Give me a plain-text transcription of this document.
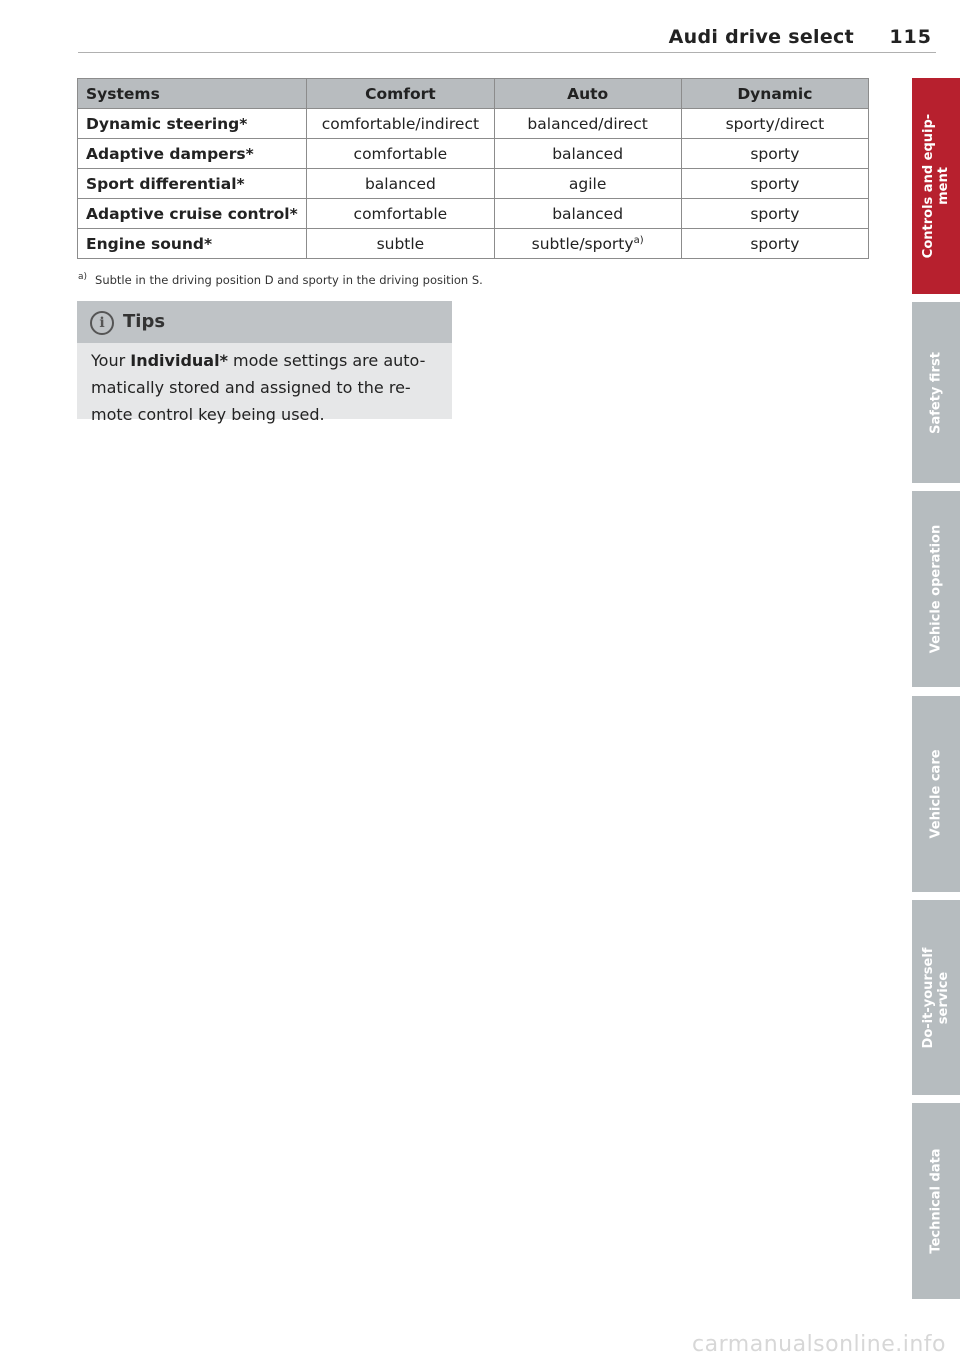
Audi drive select 115
Systems	Comfort	Auto	Dynamic
Dynamic steering*	comfortable/indirect	balanced/direct	sporty/direct
Adaptive dampers*	comfortable	balanced	sporty
Sport differential*	balanced	agile	sporty
Adaptive cruise control*	comfortable	balanced	sporty
Engine sound*	subtle	subtle/sporty$^{a)}$	sporty
$^{a)}$ Subtle in the driving position D and sporty in the driving position S.
i	Tips
Your Individual* mode settings are auto-matically stored and assigned to the re-mote control key being used.
Controls and equip-
ment
Safety first
Vehicle operation
Vehicle care
Do-it-yourself
service
Technical data
carmanualsonline.info
